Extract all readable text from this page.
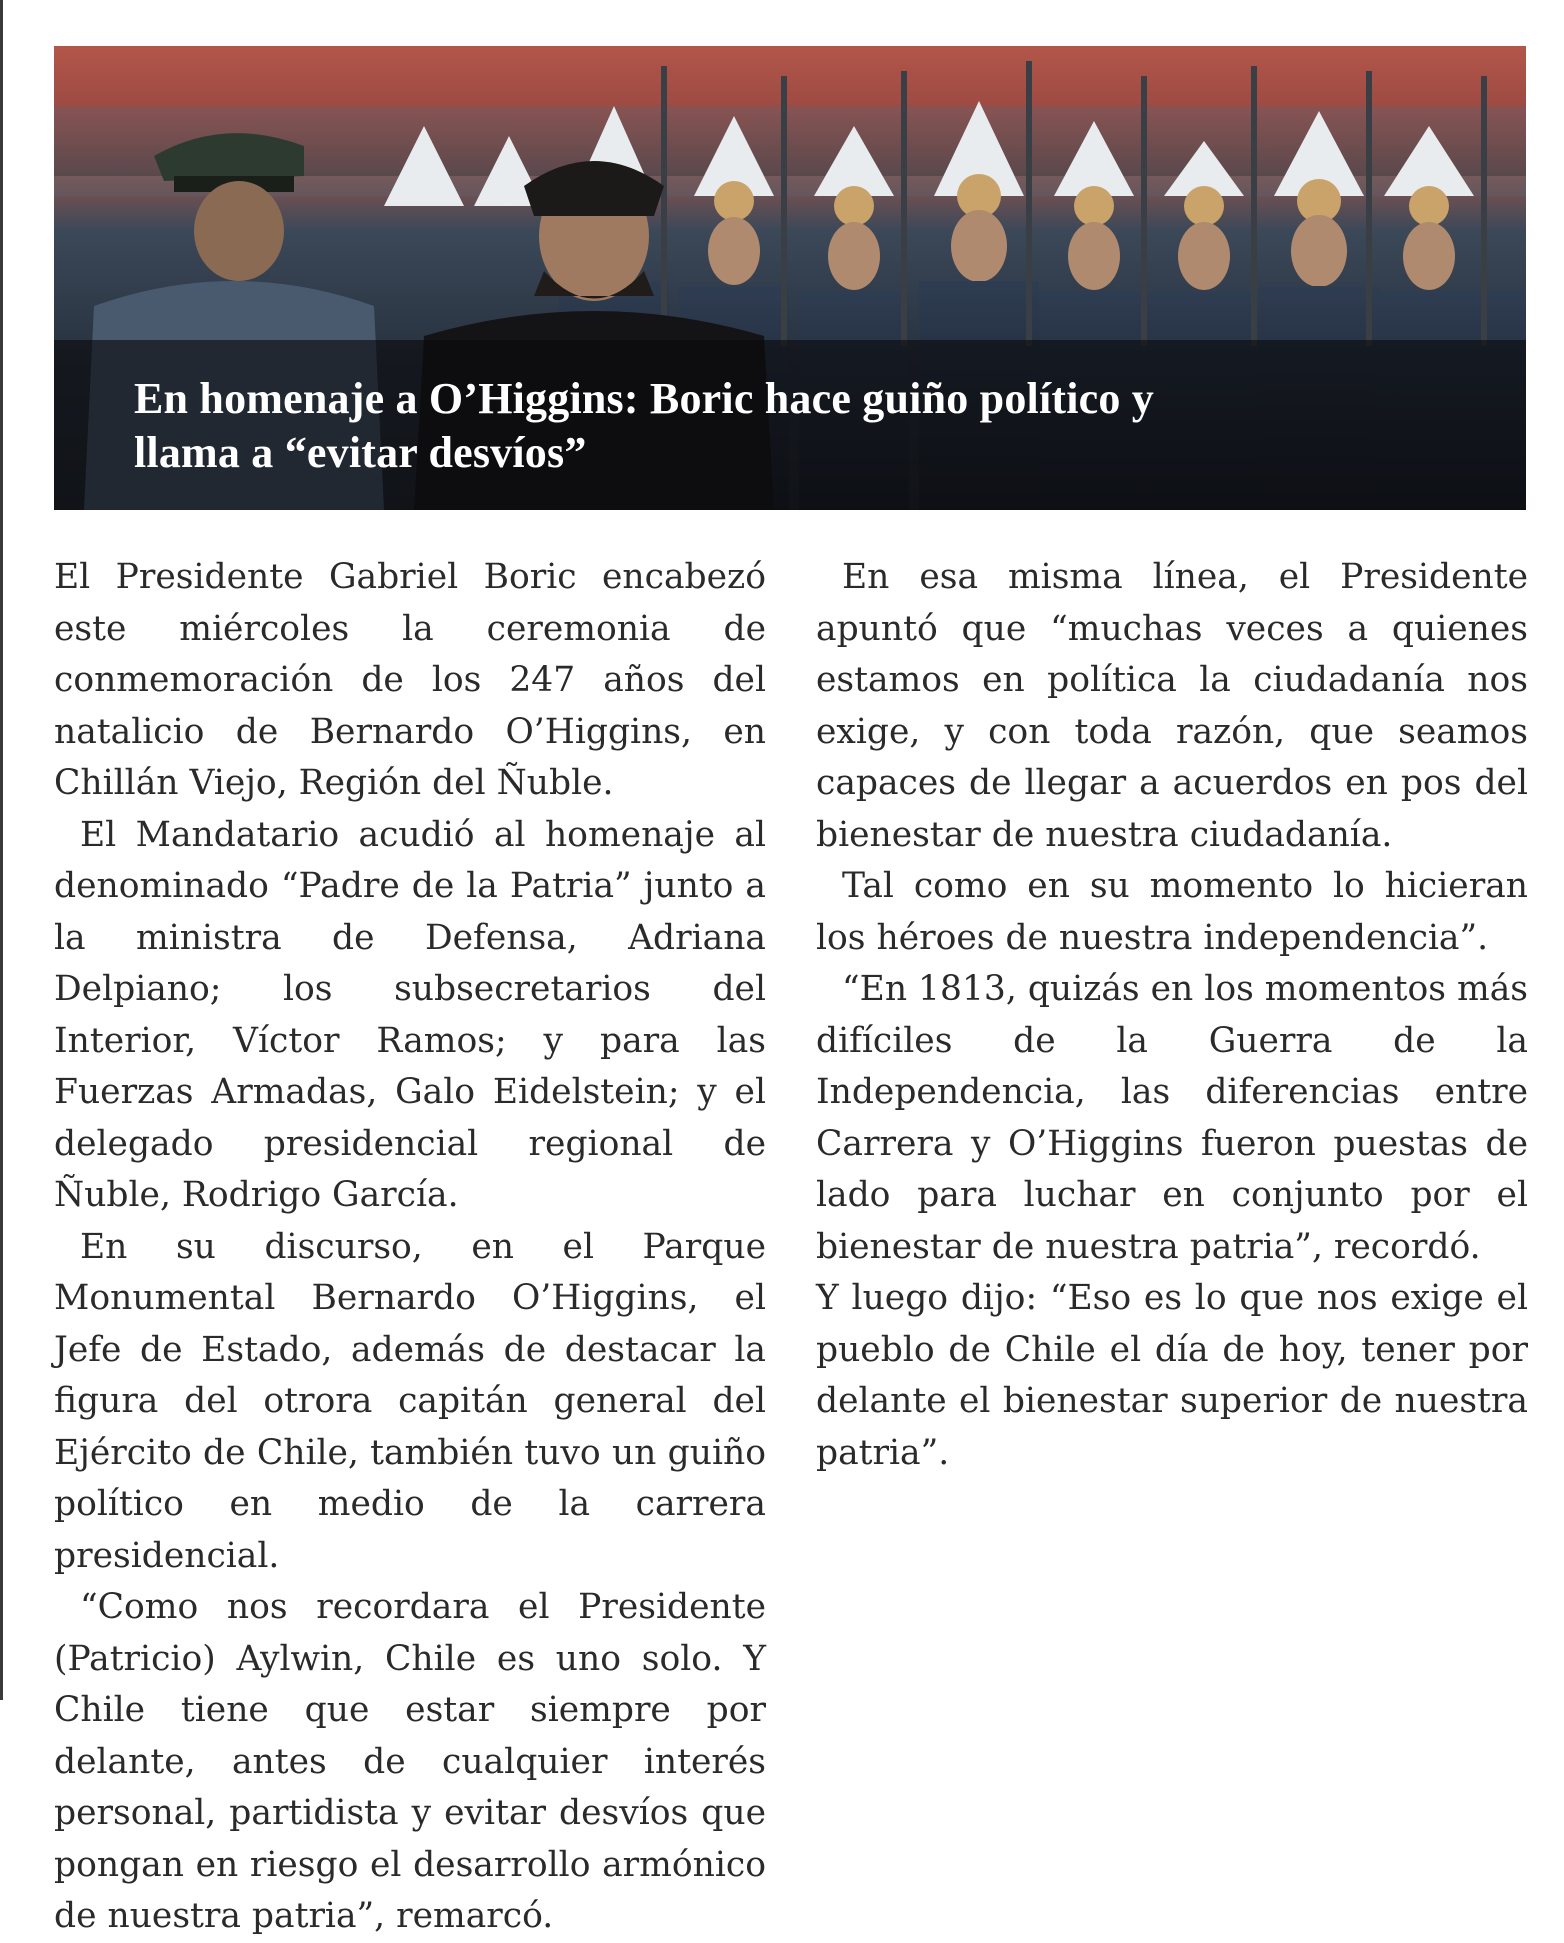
En homenaje a O’Higgins: Boric hace guiño político y llama a “evitar desvíos”

El Presidente Gabriel Boric encabezó este miércoles la ceremonia de conmemoración de los 247 años del natalicio de Bernardo O’Higgins, en Chillán Viejo, Región del Ñuble.

El Mandatario acudió al homenaje al denominado “Padre de la Patria” junto a la ministra de Defensa, Adriana Delpiano; los subsecretarios del Interior, Víctor Ramos; y para las Fuerzas Armadas, Galo Eidelstein; y el delegado presidencial regional de Ñuble, Rodrigo García.

En su discurso, en el Parque Monumental Bernardo O’Higgins, el Jefe de Estado, además de destacar la figura del otrora capitán general del Ejército de Chile, también tuvo un guiño político en medio de la carrera presidencial.

“Como nos recordara el Presidente (Patricio) Aylwin, Chile es uno solo. Y Chile tiene que estar siempre por delante, antes de cualquier interés personal, partidista y evitar desvíos que pongan en riesgo el desarrollo armónico de nuestra patria”, remarcó.

En esa misma línea, el Presidente apuntó que “muchas veces a quienes estamos en política la ciudadanía nos exige, y con toda razón, que seamos capaces de llegar a acuerdos en pos del bienestar de nuestra ciudadanía.

Tal como en su momento lo hicieran los héroes de nuestra independencia”.

“En 1813, quizás en los momentos más difíciles de la Guerra de la Independencia, las diferencias entre Carrera y O’Higgins fueron puestas de lado para luchar en conjunto por el bienestar de nuestra patria”, recordó.

Y luego dijo: “Eso es lo que nos exige el pueblo de Chile el día de hoy, tener por delante el bienestar superior de nuestra patria”.
